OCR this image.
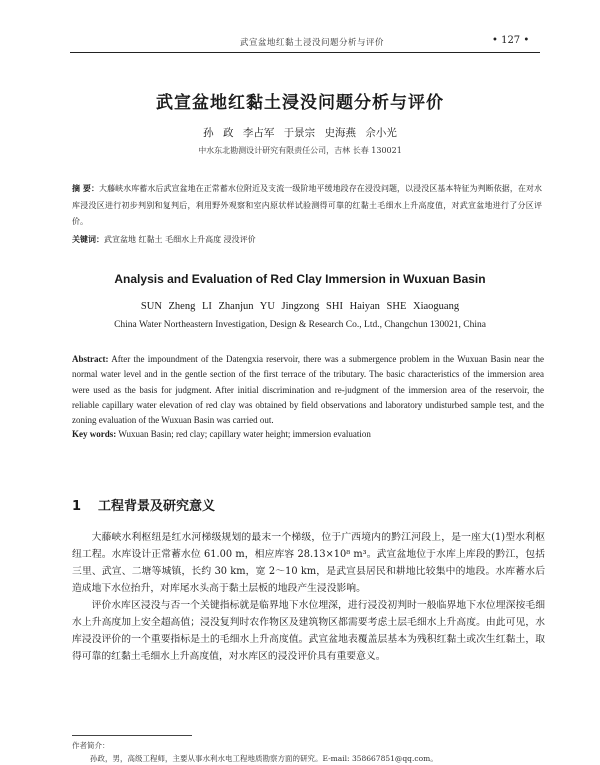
武宣盆地红黏土浸没问题分析与评价	• 127 •
武宣盆地红黏土浸没问题分析与评价
孙 政 李占军 于景宗 史海燕 佘小光
中水东北勘测设计研究有限责任公司，吉林 长春 130021
摘 要：大藤峡水库蓄水后武宣盆地在正常蓄水位附近及支流一级阶地平缓地段存在浸没问题，以浸没区基本特征为判断依据，在对水库浸没区进行初步判别和复判后，利用野外观察和室内原状样试验测得可靠的红黏土毛细水上升高度值，对武宣盆地进行了分区评价。
关键词：武宣盆地 红黏土 毛细水上升高度 浸没评价
Analysis and Evaluation of Red Clay Immersion in Wuxuan Basin
SUN Zheng LI Zhanjun YU Jingzong SHI Haiyan SHE Xiaoguang
China Water Northeastern Investigation, Design & Research Co., Ltd., Changchun 130021, China
Abstract: After the impoundment of the Datengxia reservoir, there was a submergence problem in the Wuxuan Basin near the normal water level and in the gentle section of the first terrace of the tributary. The basic characteristics of the immersion area were used as the basis for judgment. After initial discrimination and re-judgment of the immersion area of the reservoir, the reliable capillary water elevation of red clay was obtained by field observations and laboratory undisturbed sample test, and the zoning evaluation of the Wuxuan Basin was carried out.
Key words: Wuxuan Basin; red clay; capillary water height; immersion evaluation
1 工程背景及研究意义

大藤峡水利枢纽是红水河梯级规划的最末一个梯级，位于广西境内的黔江河段上，是一座大(1)型水利枢纽工程。水库设计正常蓄水位 61.00 m，相应库容 28.13×10⁸ m³。武宣盆地位于水库上库段的黔江，包括三里、武宣、二塘等城镇，长约 30 km，宽 2～10 km，是武宣县居民和耕地比较集中的地段。水库蓄水后造成地下水位抬升，对库尾水头高于黏土层板的地段产生浸没影响。

评价水库区浸没与否一个关键指标就是临界地下水位埋深，进行浸没初判时一般临界地下水位埋深按毛细水上升高度加上安全超高值；浸没复判时农作物区及建筑物区都需要考虑土层毛细水上升高度。由此可见，水库浸没评价的一个重要指标是土的毛细水上升高度值。武宣盆地表覆盖层基本为残积红黏土或次生红黏土，取得可靠的红黏土毛细水上升高度值，对水库区的浸没评价具有重要意义。

作者简介：
孙政，男，高级工程师，主要从事水利水电工程地质勘察方面的研究。E-mail: 358667851@qq.com。
